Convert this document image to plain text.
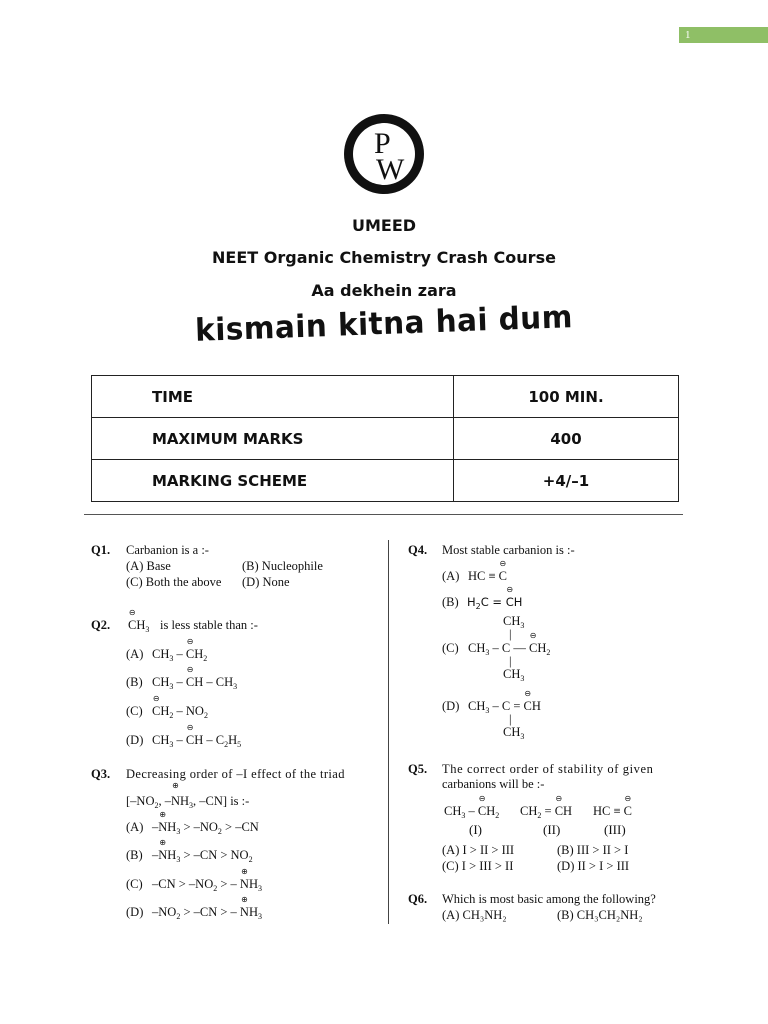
1
P
W
UMEED
NEET Organic Chemistry Crash Course
Aa dekhein zara
kismain kitna hai dum
TIME	100 MIN.
MAXIMUM MARKS	400
MARKING SCHEME	+4/–1
Q1. Carbanion is a :-
(A) Base	(B) Nucleophile
(C) Both the above (D) None
Q2. C
⊖
$H_3$ is less stable than :-
(A) $CH_3$ – C
⊖
$H_2$
(B) $CH_3$ – C
⊖
H – $CH_3$
(C) C
⊖
$H_2 - NO_2$
(D) $CH_3$ – C
⊖
H – $C_2H_5$
Q3. Decreasing order of –I effect of the triad
[$-NO_2$, –N
⊕
$H_3$, –CN] is :-
(A) –N
⊕
$H_3 > -NO_2 > -CN$
(B) –N
⊕
$H_3 > -CN > NO_2$
(C) $-CN > -NO_2$ > – N
⊕
$H_3$
(D) $-NO_2 > -CN$ > – N
⊕
$H_3$
Q4. Most stable carbanion is :-
(A) HC ≡ C
⊖
(B) $H_2C = C$
⊖
H
$CH_3$
|
(C) $CH_3$ – C — C
⊖
$H_2$
|
$CH_3$
(D) $CH_3 - C = C$
⊖
H
|
$CH_3$
Q5. The correct order of stability of given
carbanions will be :-
$CH_3$ – C
⊖
$H_2$ $CH_2 = C$
⊖
H HC ≡ C
⊖
(I)	(II)	(III)
(A) I > II > III	(B) III > II > I
(C) I > III > II	(D) II > I > III
Q6. Which is most basic among the following?
(A) CH₃NH₂	(B) CH₃CH₂NH₂
